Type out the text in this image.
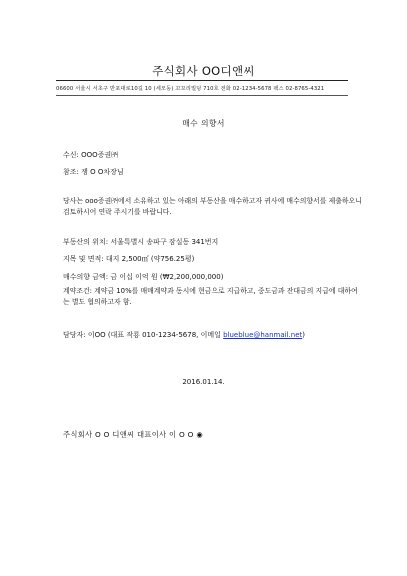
주식회사 OO디앤씨
06600 서울시 서초구 반포대로10길 10 (세모동) 꼬꼬리빌딩 710호 전화 02-1234-5678 팩스 02-8765-4321
매수 의향서
수신: OOO증권㈜
참조: 쟁 O O차장님
당사는 ooo증권㈜에서 소유하고 있는 아래의 부동산을 매수하고자 귀사에 매수의향서를 제출하오니 검토하시어 연락 주시기를 바랍니다.
부동산의 위치: 서울특별시 송파구 잠실동 341번지
지목 및 면적: 대지 2,500㎡ (약756.25평)
매수의향 금액: 금 이십 이억 원 (₩2,200,000,000)
계약조건: 계약금 10%를 매매계약과 동시에 현금으로 지급하고, 중도금과 잔대금의 지급에 대하여는 별도 협의하고자 함.
담당자: 이OO (대표 작룡 010-1234-5678, 이메일 blueblue@hanmail.net)
2016.01.14.
주식회사 O O 디앤씨 대표이사 이 O O ◉
